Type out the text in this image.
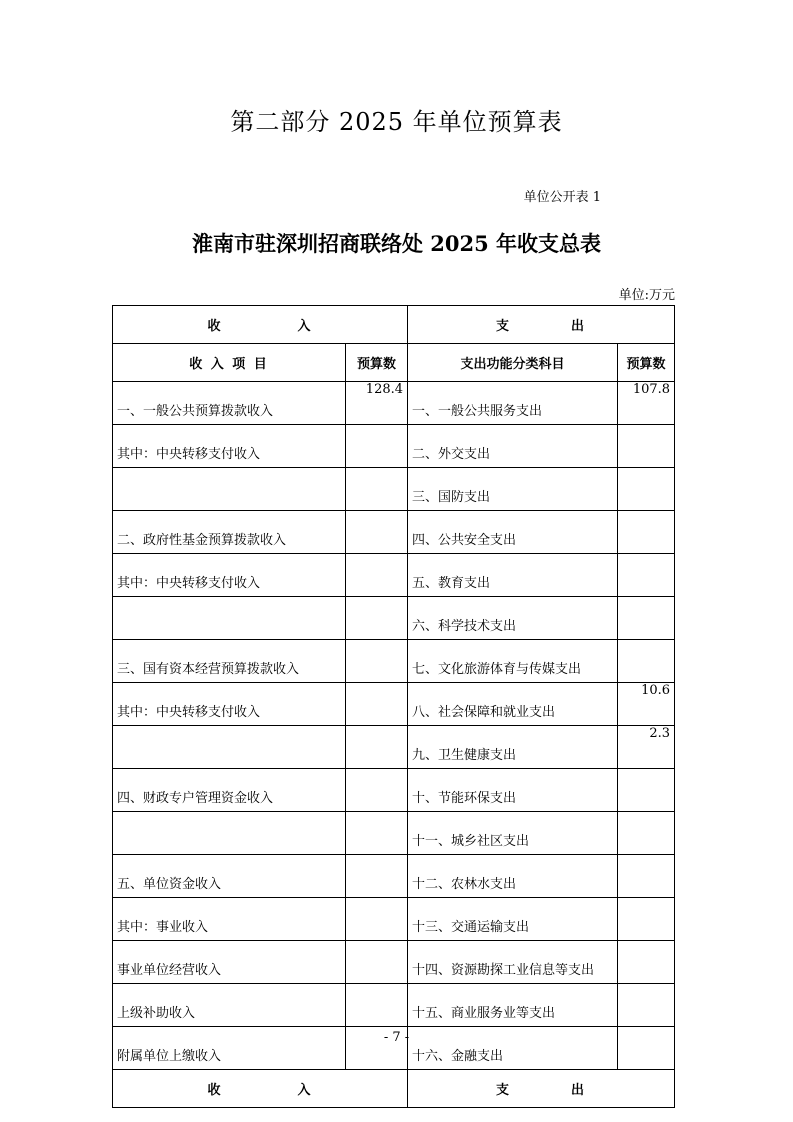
第二部分 2025 年单位预算表
单位公开表 1
淮南市驻深圳招商联络处 2025 年收支总表
单位:万元
收　　　　　入		支　　　　出	
收 入 项 目	预算数	支出功能分类科目	预算数
一、一般公共预算拨款收入	128.4	一、一般公共服务支出	107.8
其中：中央转移支付收入		二、外交支出	
		三、国防支出	
二、政府性基金预算拨款收入		四、公共安全支出	
其中：中央转移支付收入		五、教育支出	
		六、科学技术支出	
三、国有资本经营预算拨款收入		七、文化旅游体育与传媒支出	
其中：中央转移支付收入		八、社会保障和就业支出	10.6
		九、卫生健康支出	2.3
四、财政专户管理资金收入		十、节能环保支出	
		十一、城乡社区支出	
五、单位资金收入		十二、农林水支出	
其中：事业收入		十三、交通运输支出	
事业单位经营收入		十四、资源勘探工业信息等支出	
上级补助收入		十五、商业服务业等支出	
附属单位上缴收入		十六、金融支出	
收　　　　　入		支　　　　出	
- 7 -
